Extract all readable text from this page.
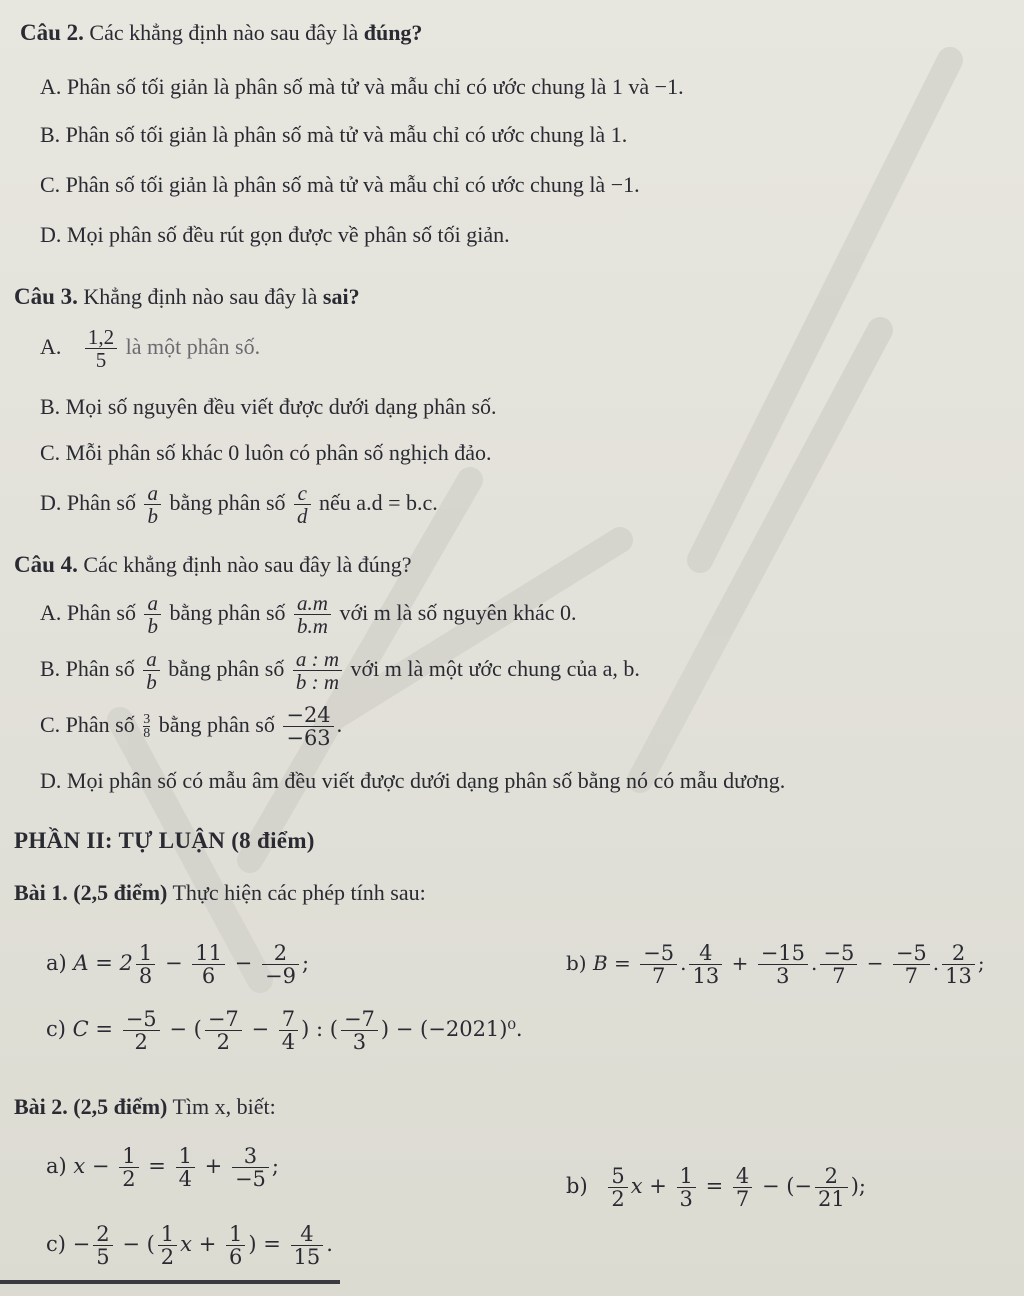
Câu 2. Các khẳng định nào sau đây là đúng?
A. Phân số tối giản là phân số mà tử và mẫu chỉ có ước chung là 1 và −1.
B. Phân số tối giản là phân số mà tử và mẫu chỉ có ước chung là 1.
C. Phân số tối giản là phân số mà tử và mẫu chỉ có ước chung là −1.
D. Mọi phân số đều rút gọn được về phân số tối giản.
Câu 3. Khẳng định nào sau đây là sai?
A. $\frac{1,2}{5}$ là một phân số.
B. Mọi số nguyên đều viết được dưới dạng phân số.
C. Mỗi phân số khác 0 luôn có phân số nghịch đảo.
D. Phân số $\frac{a}{b}$ bằng phân số $\frac{c}{d}$ nếu a.d = b.c.
Câu 4. Các khẳng định nào sau đây là đúng?
A. Phân số $\frac{a}{b}$ bằng phân số $\frac{a.m}{b.m}$ với m là số nguyên khác 0.
B. Phân số $\frac{a}{b}$ bằng phân số $\frac{a : m}{b : m}$ với m là một ước chung của a, b.
C. Phân số $\frac{3}{8}$ bằng phân số $\frac{-24}{-63}$ .
D. Mọi phân số có mẫu âm đều viết được dưới dạng phân số bằng nó có mẫu dương.
PHẦN II: TỰ LUẬN (8 điểm)
Bài 1. (2,5 điểm) Thực hiện các phép tính sau:
a) $A = 2 \frac{1}{8} - \frac{11}{6} - \frac{2}{-9}$ ;	b) $B = \frac{-5}{7}$ . $\frac{4}{13} + \frac{-15}{3}$ . $\frac{-5}{7} - \frac{-5}{7}$ . $\frac{2}{13}$ ;
c) $C = \frac{-5}{2}$ − ( $\frac{-7}{2} - \frac{7}{4}$ ) : ( $\frac{-7}{3}$ ) − (−2021)⁰.
Bài 2. (2,5 điểm) Tìm x, biết:
a) $x - \frac{1}{2} = \frac{1}{4} + \frac{3}{-5}$ ;
$b) \frac{5}{2}$ $x + \frac{1}{3} = \frac{4}{7}$ − (− $\frac{2}{21}$ );
$c) - \frac{2}{5}$ − ( $\frac{1}{2}$ $x + \frac{1}{6}$ ) = $\frac{4}{15}$ .
